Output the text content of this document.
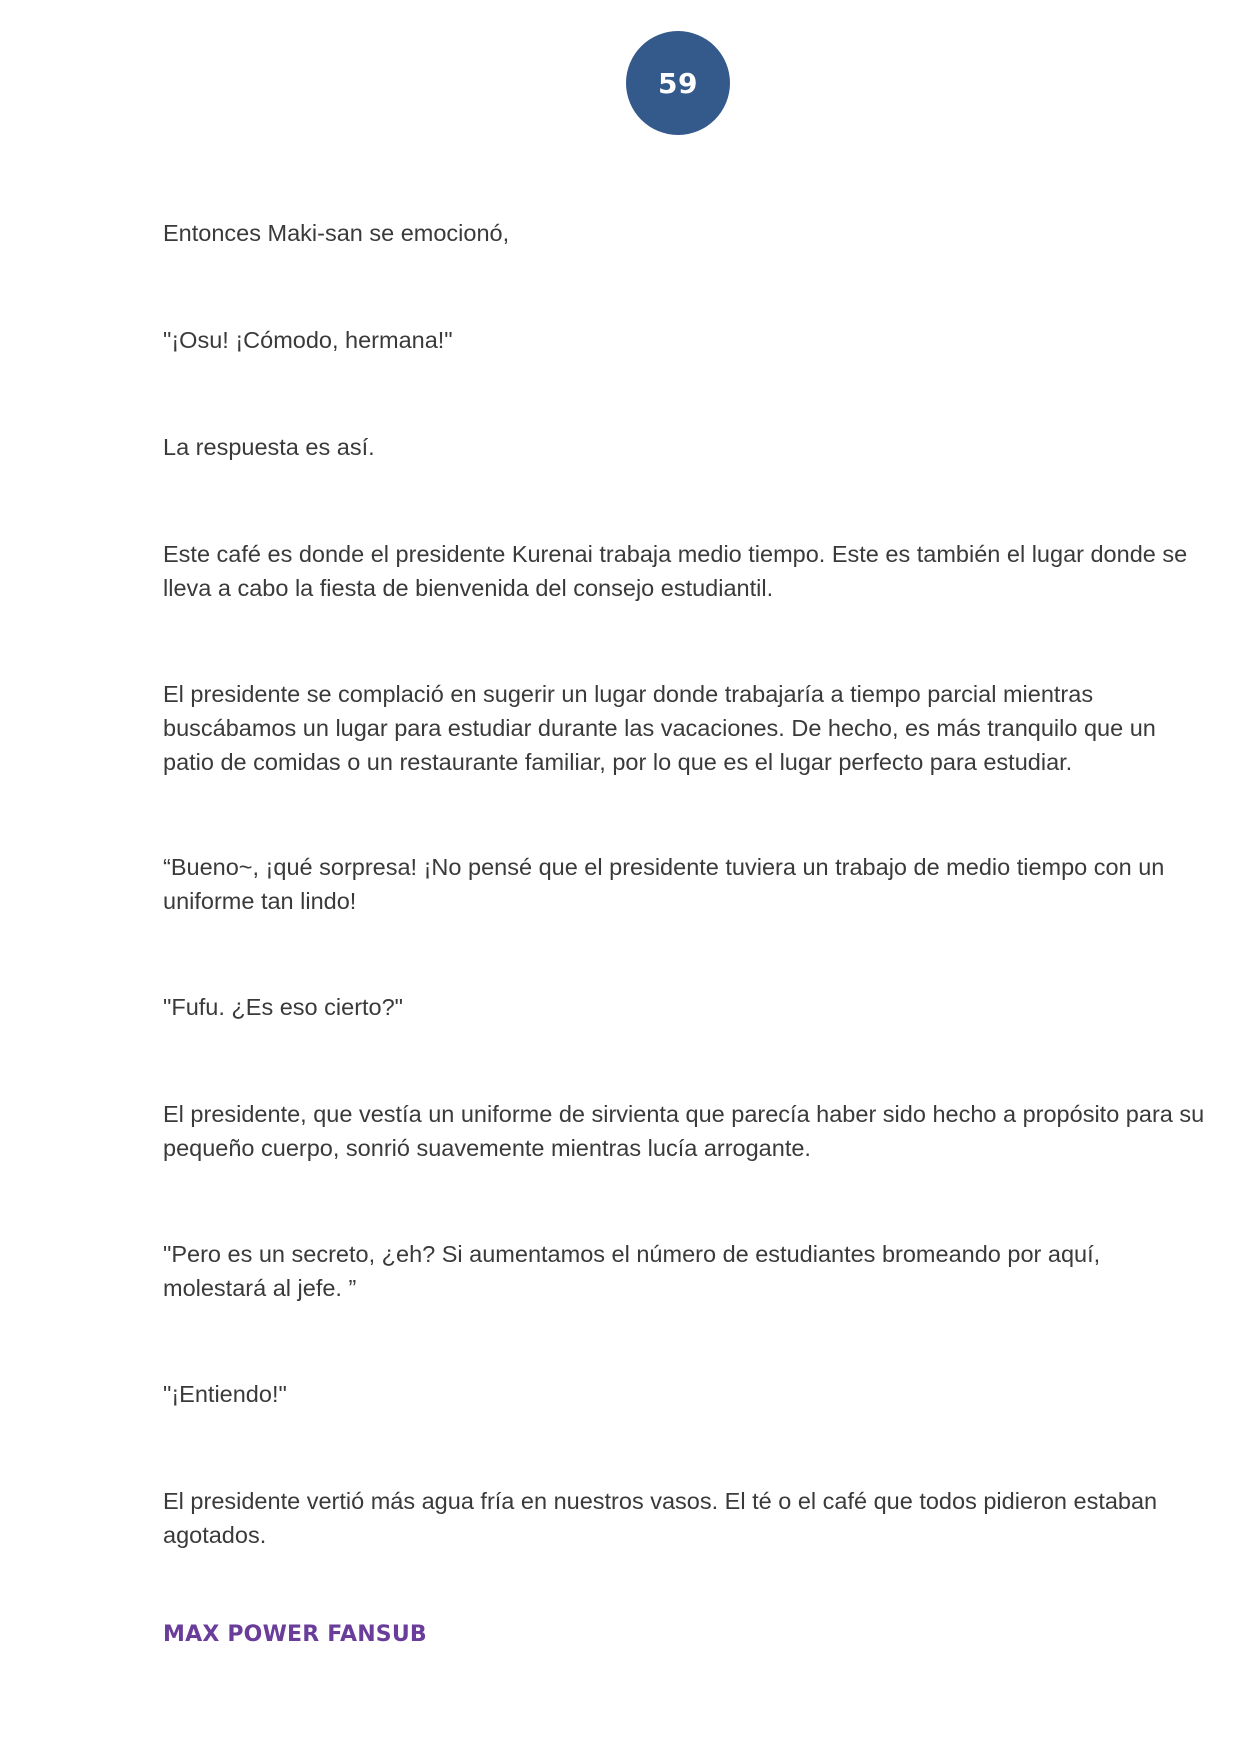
59

Entonces Maki-san se emocionó,

"¡Osu! ¡Cómodo, hermana!"

La respuesta es así.

Este café es donde el presidente Kurenai trabaja medio tiempo. Este es también el lugar donde se lleva a cabo la fiesta de bienvenida del consejo estudiantil.

El presidente se complació en sugerir un lugar donde trabajaría a tiempo parcial mientras buscábamos un lugar para estudiar durante las vacaciones. De hecho, es más tranquilo que un patio de comidas o un restaurante familiar, por lo que es el lugar perfecto para estudiar.

“Bueno~, ¡qué sorpresa! ¡No pensé que el presidente tuviera un trabajo de medio tiempo con un uniforme tan lindo!

"Fufu. ¿Es eso cierto?"

El presidente, que vestía un uniforme de sirvienta que parecía haber sido hecho a propósito para su pequeño cuerpo, sonrió suavemente mientras lucía arrogante.

"Pero es un secreto, ¿eh? Si aumentamos el número de estudiantes bromeando por aquí, molestará al jefe. ”

"¡Entiendo!"

El presidente vertió más agua fría en nuestros vasos. El té o el café que todos pidieron estaban agotados.

MAX POWER FANSUB
